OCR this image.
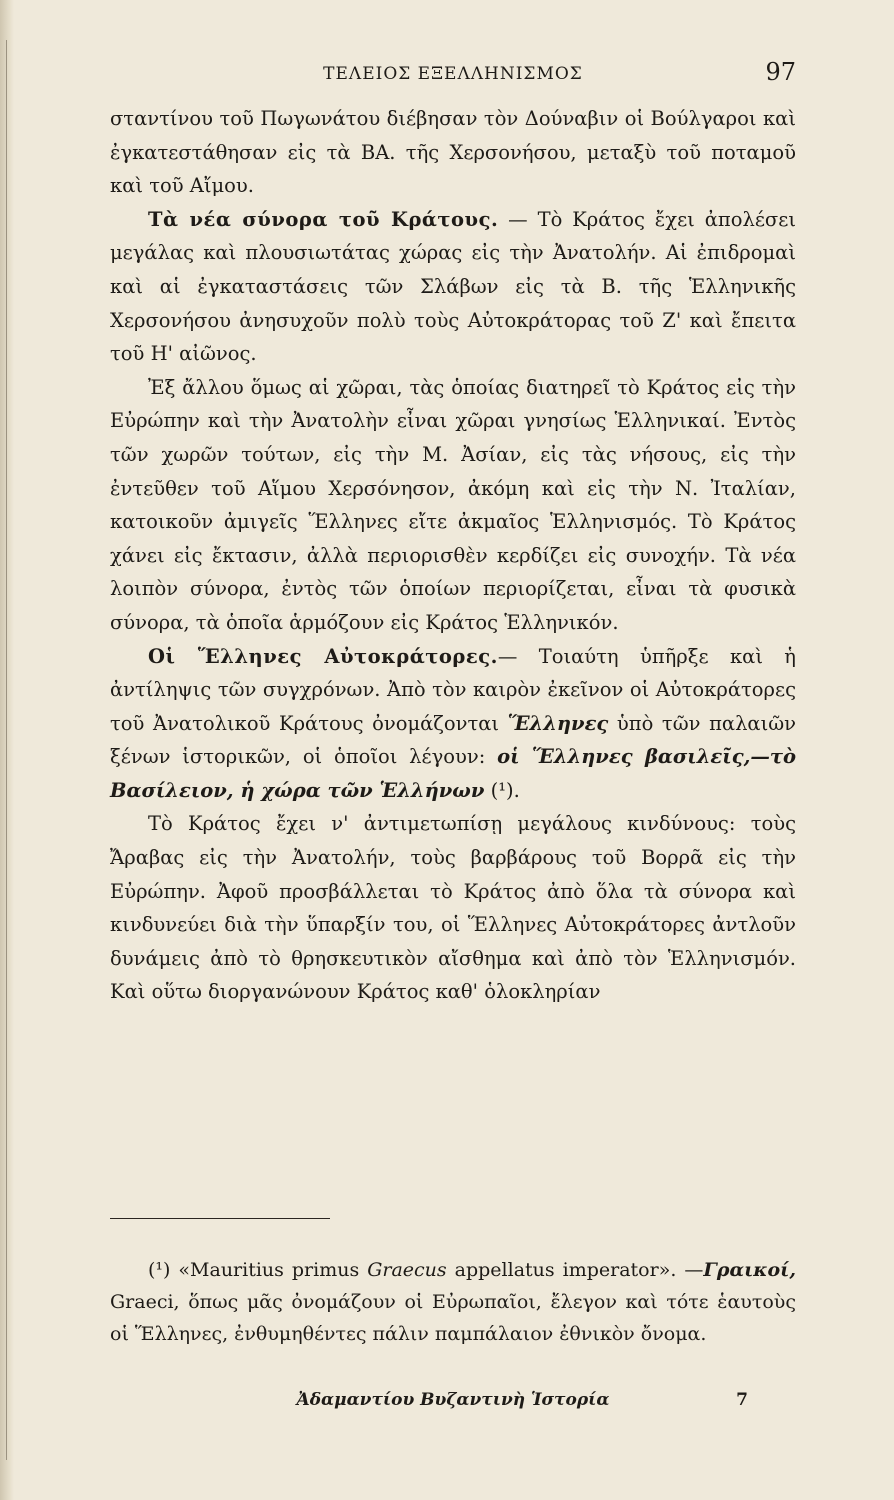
ΤΕΛΕΙΟΣ ΕΞΕΛΛΗΝΙΣΜΟΣ	97

σταντίνου τοῦ Πωγωνάτου διέβησαν τὸν Δούναβιν οἱ Βούλγαροι καὶ ἐγκατεστάθησαν εἰς τὰ ΒΑ. τῆς Χερσονήσου, μεταξὺ τοῦ ποταμοῦ καὶ τοῦ Αἴμου.

Τὰ νέα σύνορα τοῦ Κράτους. — Τὸ Κράτος ἔχει ἀπολέσει μεγάλας καὶ πλουσιωτάτας χώρας εἰς τὴν Ἀνατολήν. Αἱ ἐπιδρομαὶ καὶ αἱ ἐγκαταστάσεις τῶν Σλάβων εἰς τὰ Β. τῆς Ἑλληνικῆς Χερσονήσου ἀνησυχοῦν πολὺ τοὺς Αὐτοκράτορας τοῦ Ζ' καὶ ἔπειτα τοῦ Η' αἰῶνος.

Ἐξ ἄλλου ὅμως αἱ χῶραι, τὰς ὁποίας διατηρεῖ τὸ Κράτος εἰς τὴν Εὐρώπην καὶ τὴν Ἀνατολὴν εἶναι χῶραι γνησίως Ἑλληνικαί. Ἐντὸς τῶν χωρῶν τούτων, εἰς τὴν Μ. Ἀσίαν, εἰς τὰς νήσους, εἰς τὴν ἐντεῦθεν τοῦ Αἵμου Χερσόνησον, ἀκόμη καὶ εἰς τὴν Ν. Ἰταλίαν, κατοικοῦν ἀμιγεῖς Ἕλληνες εἴτε ἀκμαῖος Ἑλληνισμός. Τὸ Κράτος χάνει εἰς ἔκτασιν, ἀλλὰ περιορισθὲν κερδίζει εἰς συνοχήν. Τὰ νέα λοιπὸν σύνορα, ἐντὸς τῶν ὁποίων περιορίζεται, εἶναι τὰ φυσικὰ σύνορα, τὰ ὁποῖα ἁρμόζουν εἰς Κράτος Ἑλληνικόν.

Οἱ Ἕλληνες Αὐτοκράτορες.— Τοιαύτη ὑπῆρξε καὶ ἡ ἀντίληψις τῶν συγχρόνων. Ἀπὸ τὸν καιρὸν ἐκεῖνον οἱ Αὐτοκράτορες τοῦ Ἀνατολικοῦ Κράτους ὀνομάζονται Ἕλληνες ὑπὸ τῶν παλαιῶν ξένων ἱστορικῶν, οἱ ὁποῖοι λέγουν: οἱ Ἕλληνες βασιλεῖς,—τὸ Βασίλειον, ἡ χώρα τῶν Ἑλλήνων (¹).

Τὸ Κράτος ἔχει ν' ἀντιμετωπίσῃ μεγάλους κινδύνους: τοὺς Ἄραβας εἰς τὴν Ἀνατολήν, τοὺς βαρβάρους τοῦ Βορρᾶ εἰς τὴν Εὐρώπην. Ἀφοῦ προσβάλλεται τὸ Κράτος ἀπὸ ὅλα τὰ σύνορα καὶ κινδυνεύει διὰ τὴν ὕπαρξίν του, οἱ Ἕλληνες Αὐτοκράτορες ἀντλοῦν δυνάμεις ἀπὸ τὸ θρησκευτικὸν αἴσθημα καὶ ἀπὸ τὸν Ἑλληνισμόν. Καὶ οὕτω διοργανώνουν Κράτος καθ' ὁλοκληρίαν

(¹) «Mauritius primus Graecus appellatus imperator». —Γραικοί, Graeci, ὅπως μᾶς ὀνομάζουν οἱ Εὐρωπαῖοι, ἔλεγον καὶ τότε ἑαυτοὺς οἱ Ἕλληνες, ἐνθυμηθέντες πάλιν παμπάλαιον ἐθνικὸν ὄνομα.

Ἀδαμαντίου Βυζαντινὴ Ἱστορία	7
